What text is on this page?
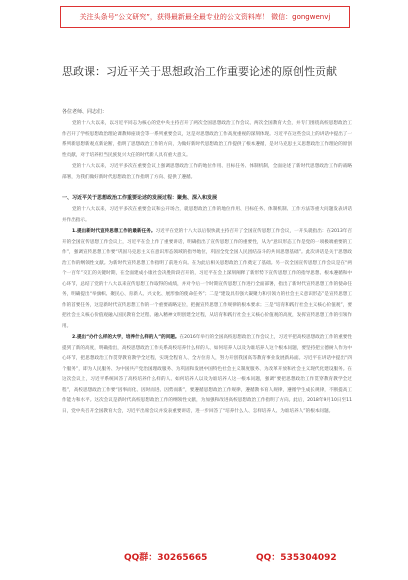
关注头条号“公文研究”，获得最新最全最专业的公文资料库！ 微信：gongwenvj
思政课：习近平关于思想政治工作重要论述的原创性贡献
各位老师、同志们：

党的十八大以来，以习近平同志为核心的党中央主持召开了两次全国思想政治工作会议、两次全国教育大会，并专门围绕高校思想政治工作召开了学校思想政治理论课教师座谈会等一系列重要会议，这是对思想政治工作高度重视的深刻体现。习近平在这些会议上的讲话中提出了一系列新思想新观点新论断，指明了思想政治工作的方向，为做好新时代思想政治工作提供了根本遵循，是对马克思主义思想政治工作理论的原创性贡献，对于培养担当民族复兴大任的时代新人具有重大意义。

党的十八大以来，习近平多次在重要会议上强调思想政治工作的地位作用、目标任务、体制机制，全面论述了新时代思想政治工作的战略部署，为我们做好新时代思想政治工作指明了方向、提供了遵循。

一、习近平关于思想政治工作重要论述的发展过程：聚焦、深入和发展

党的十八大以来，习近平多次在重要会议和公开场合，就思想政治工作的地位作用、目标任务、体制机制、工作方法等重大问题发表讲话并作出指示。

1.提出新时代宣传思想工作的最新任务。习近平在党的十八大以后很快就主持召开了全国宣传思想工作会议，一开头就指出：在2013年召开的全国宣传思想工作会议上，习近平在会上作了重要讲话，明确指出了宣传思想工作的重要性，从为“意识形态工作是党的一项极端重要的工作”，强调宣传思想工作要“巩固马克思主义在意识形态领域的指导地位，巩固全党全国人民团结奋斗的共同思想基础”。此次讲话是关于思想政治工作的纲领性文献。为新时代宣传思想工作指明了前进方向。在为此后相关思想政治工作奠定了基础。另一次全国宣传思想工作会议是在“两个一百年”交汇的关键时期，在全面建成小康社会决胜阶段召开的，习近平在会上深刻阐释了新形势下宣传思想工作的指导思想、根本遵循和中心环节，总结了党的十八大以来宣传思想工作取得的成绩，并对今后一个时期宣传思想工作进行全面部署，指出了新时代宣传思想工作的使命任务，明确提出“举旗帜、聚民心、育新人、兴文化、展形象的使命任务”；二是“建设具有强大凝聚力和引领力的社会主义意识形态”是宣传思想工作的首要任务，这是新时代宣传思想工作的一个重要战略定位，把握宣传思想工作规律的根本要求；三是“培育和践行社会主义核心价值观”，要把社会主义核心价值观融入国民教育全过程、融入精神文明创建全过程，从培育和践行社会主义核心价值观的高度，发挥宣传思想工作的引领作用。

2.提出“办什么样的大学，培养什么样的人”的问题。在2016年举行的全国高校思想政治工作会议上，习近平把高校思想政治工作的重要性提到了新的高度，明确指出，高校思想政治工作关系高校培养什么样的人、如何培养人以及为谁培养人这个根本问题，要坚持把立德树人作为中心环节，把思想政治工作贯穿教育教学全过程，实现全程育人、全方位育人，努力开创我国高等教育事业发展新局面。习近平在讲话中提出“四个服务”，即为人民服务、为中国共产党治国理政服务、为巩固和发展中国特色社会主义制度服务、为改革开放和社会主义现代化建设服务。在这次会议上，习近平系统回答了高校培养什么样的人、如何培养人以及为谁培养人这一根本问题，强调“要把思想政治工作贯穿教育教学全过程”，高校思想政治工作要“因事而化、因时而进、因势而新”，要遵循思想政治工作规律，遵循教书育人规律，遵循学生成长规律，不断提高工作能力和水平。这次会议是新时代高校思想政治工作的纲领性文献，为加强和改进高校思想政治工作指明了方向。此后，2018年9月10日至11日，党中央召开全国教育大会，习近平出席会议并发表重要讲话，进一步回答了“培养什么人、怎样培养人、为谁培养人”的根本问题。

QQ群：30265665	QQ：535304092
